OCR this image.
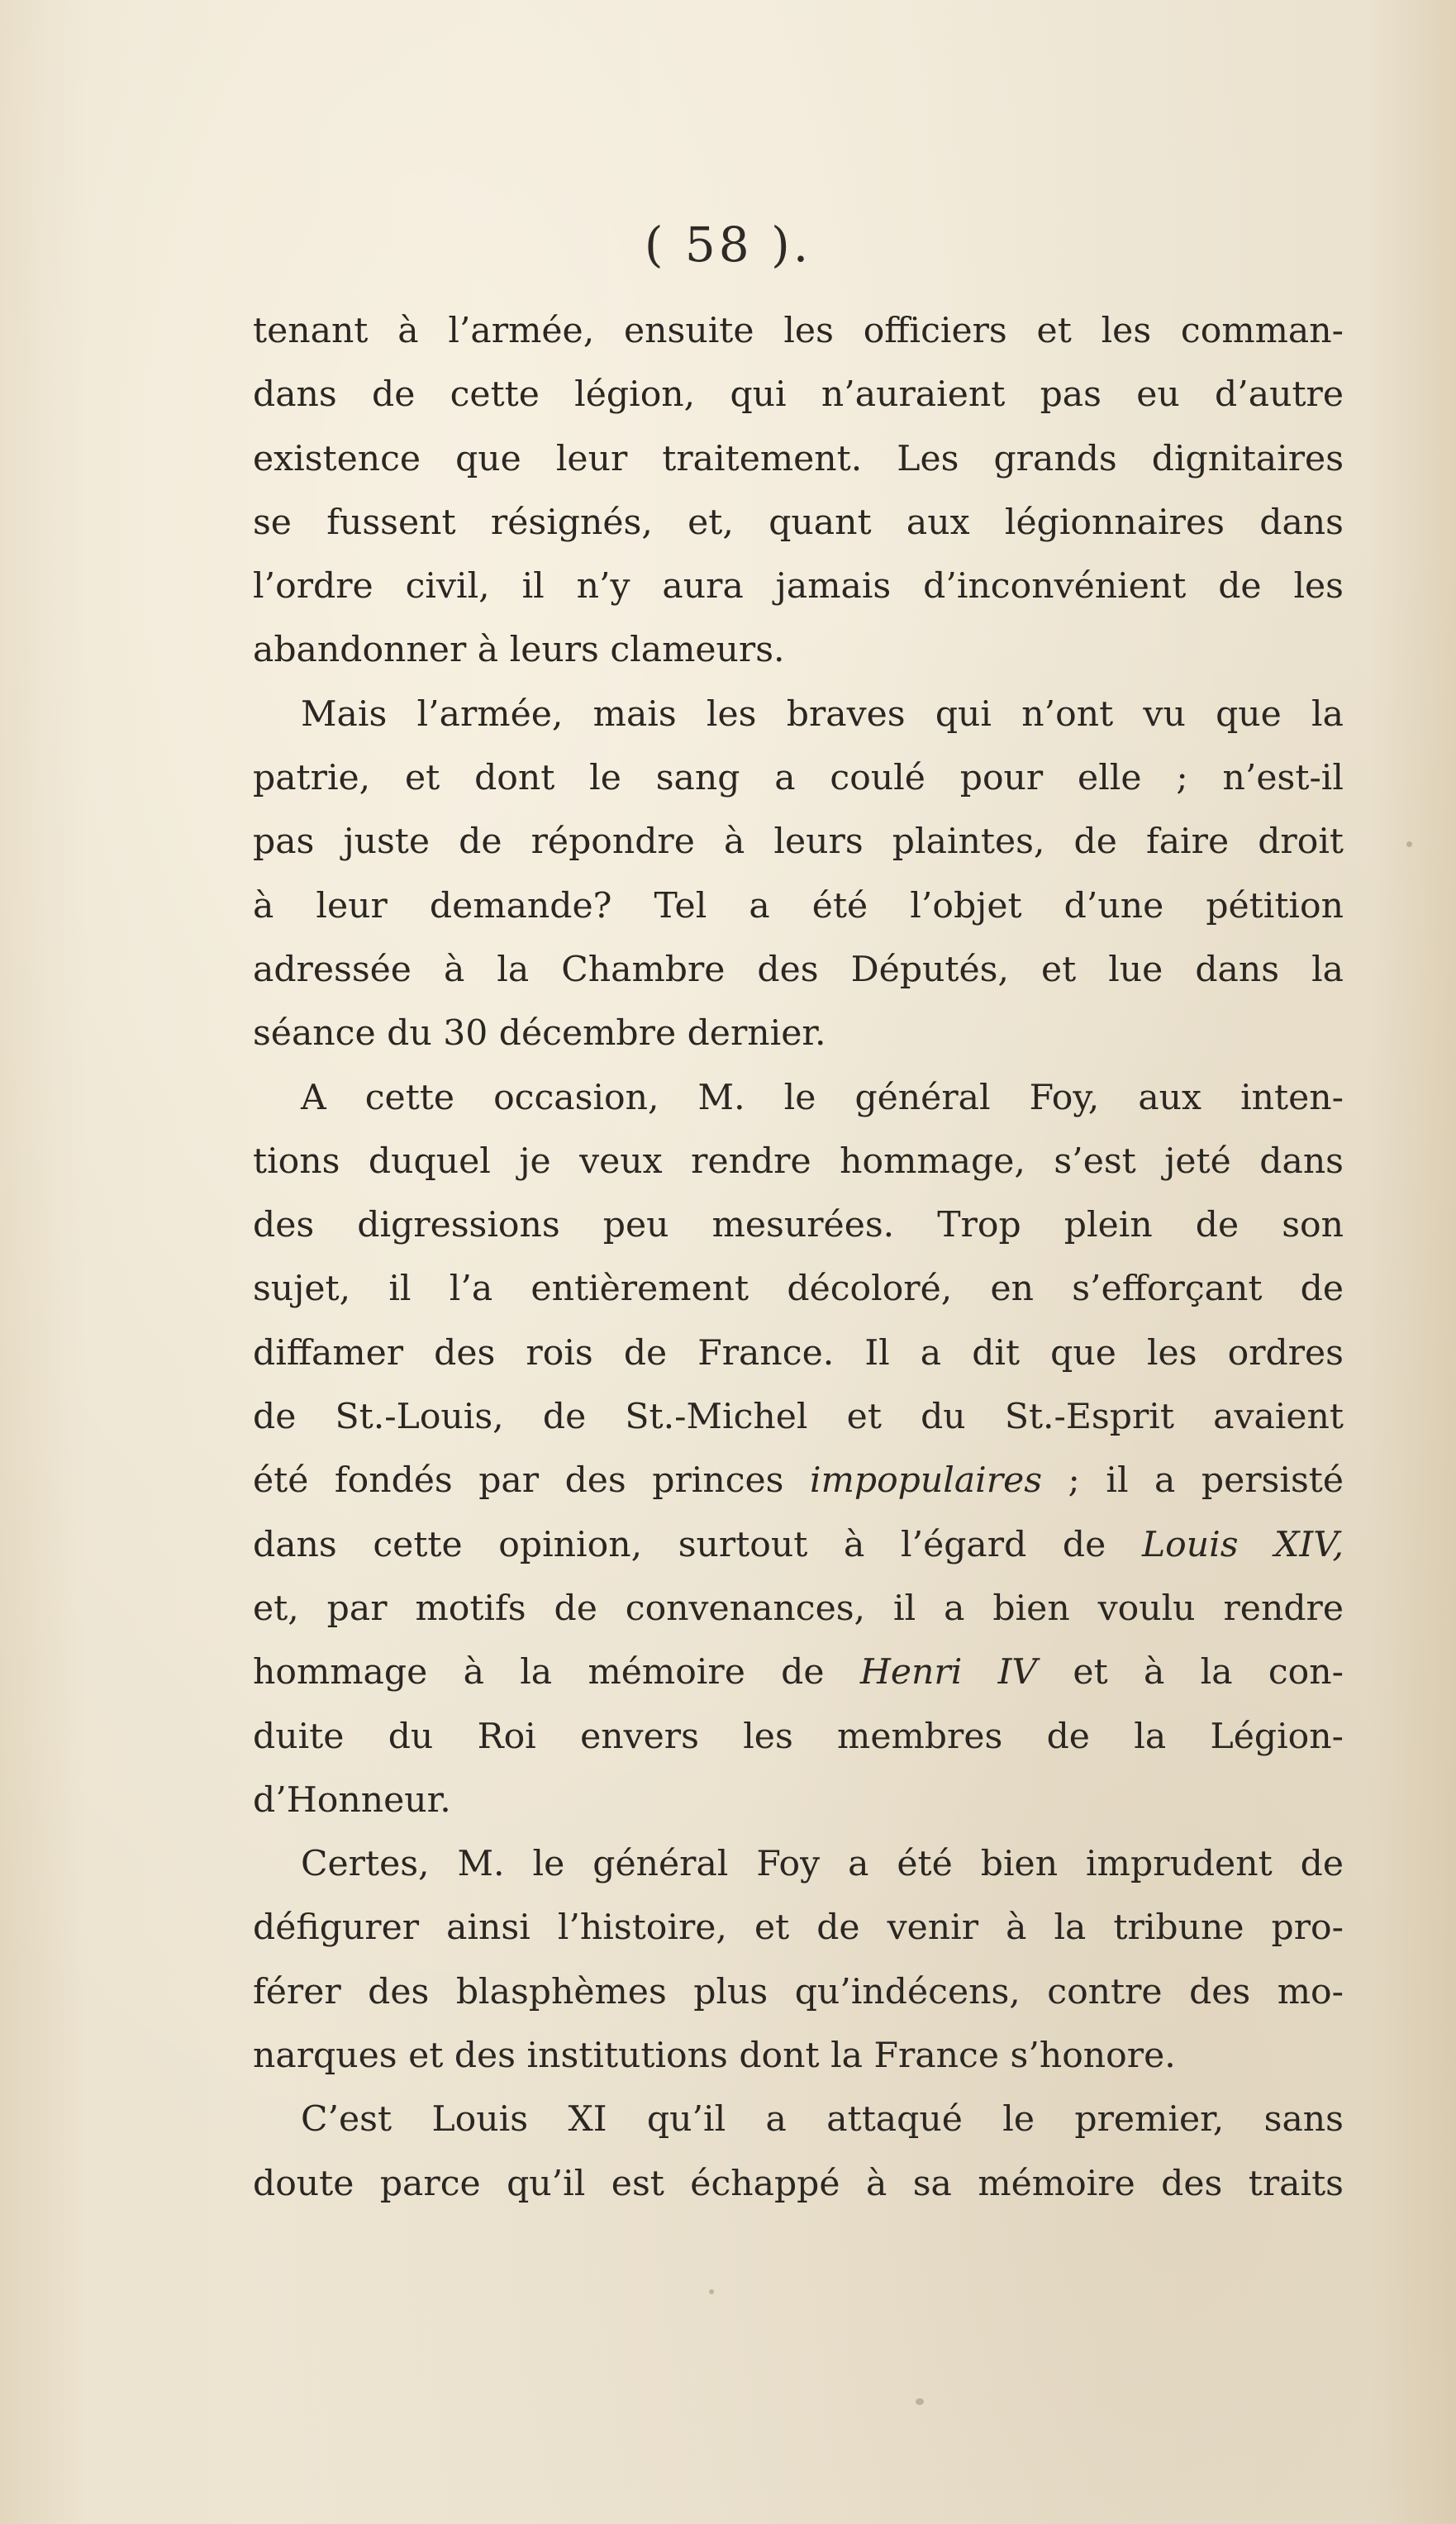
( 58 ).
tenant à l’armée, ensuite les officiers et les comman-
dans de cette légion, qui n’auraient pas eu d’autre
existence que leur traitement. Les grands dignitaires
se fussent résignés, et, quant aux légionnaires dans
l’ordre civil, il n’y aura jamais d’inconvénient de les
abandonner à leurs clameurs.
Mais l’armée, mais les braves qui n’ont vu que la
patrie, et dont le sang a coulé pour elle ; n’est-il
pas juste de répondre à leurs plaintes, de faire droit
à leur demande? Tel a été l’objet d’une pétition
adressée à la Chambre des Députés, et lue dans la
séance du 30 décembre dernier.
A cette occasion, M. le général Foy, aux inten-
tions duquel je veux rendre hommage, s’est jeté dans
des digressions peu mesurées. Trop plein de son
sujet, il l’a entièrement décoloré, en s’efforçant de
diffamer des rois de France. Il a dit que les ordres
de St.-Louis, de St.-Michel et du St.-Esprit avaient
été fondés par des princes impopulaires ; il a persisté
dans cette opinion, surtout à l’égard de Louis XIV,
et, par motifs de convenances, il a bien voulu rendre
hommage à la mémoire de Henri IV et à la con-
duite du Roi envers les membres de la Légion-
d’Honneur.
Certes, M. le général Foy a été bien imprudent de
défigurer ainsi l’histoire, et de venir à la tribune pro-
férer des blasphèmes plus qu’indécens, contre des mo-
narques et des institutions dont la France s’honore.
C’est Louis XI qu’il a attaqué le premier, sans
doute parce qu’il est échappé à sa mémoire des traits
